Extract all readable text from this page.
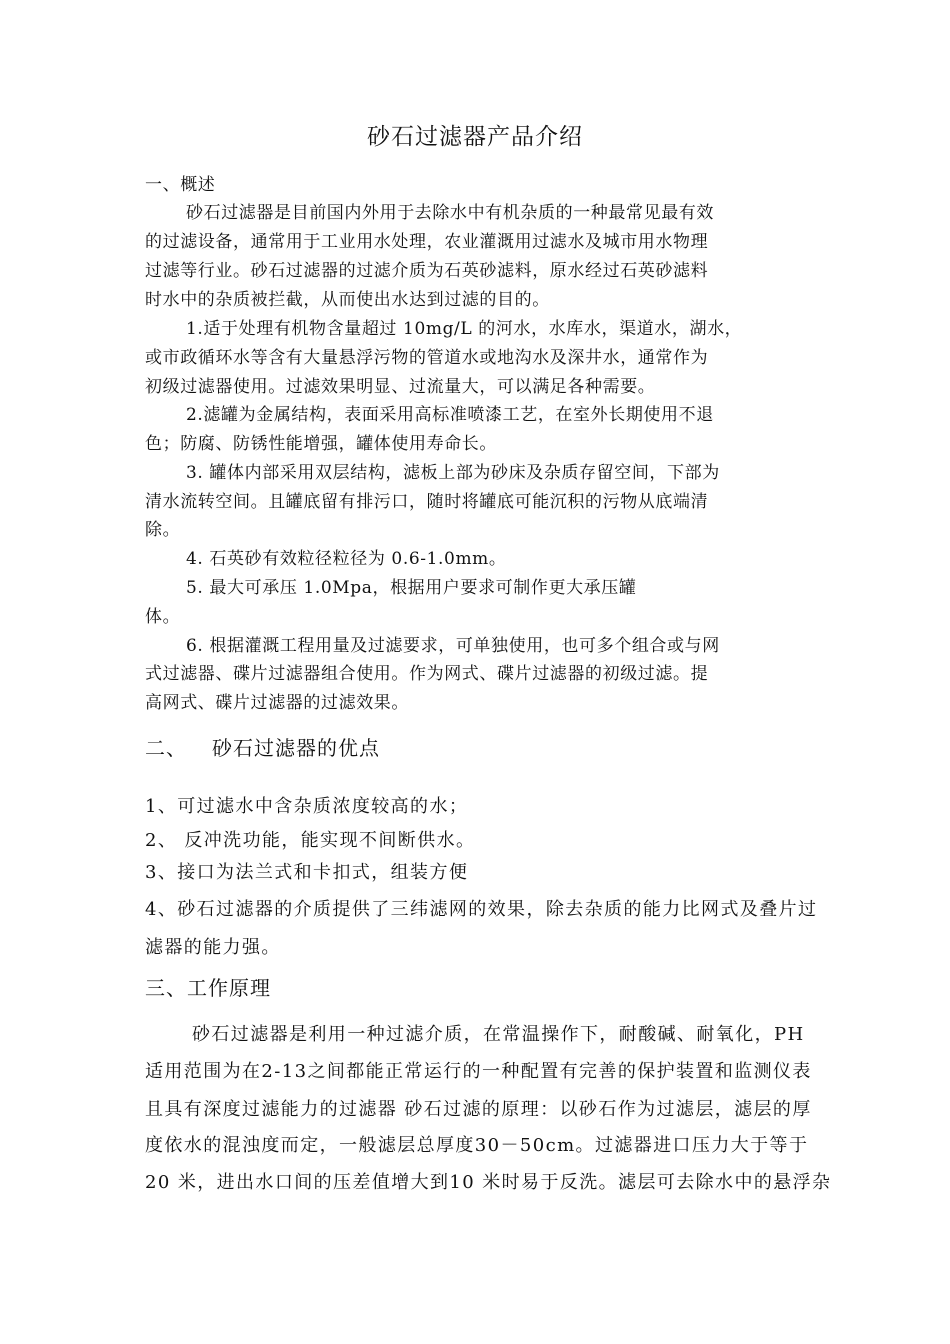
砂石过滤器产品介绍
一、概述
砂石过滤器是目前国内外用于去除水中有机杂质的一种最常见最有效
的过滤设备，通常用于工业用水处理，农业灌溉用过滤水及城市用水物理
过滤等行业。砂石过滤器的过滤介质为石英砂滤料，原水经过石英砂滤料
时水中的杂质被拦截，从而使出水达到过滤的目的。
1.适于处理有机物含量超过 10mg/L 的河水，水库水，渠道水，湖水，
或市政循环水等含有大量悬浮污物的管道水或地沟水及深井水，通常作为
初级过滤器使用。过滤效果明显、过流量大，可以满足各种需要。
2.滤罐为金属结构，表面采用高标准喷漆工艺，在室外长期使用不退
色；防腐、防锈性能增强，罐体使用寿命长。
3. 罐体内部采用双层结构，滤板上部为砂床及杂质存留空间，下部为
清水流转空间。且罐底留有排污口，随时将罐底可能沉积的污物从底端清
除。
4. 石英砂有效粒径粒径为 0.6-1.0mm。
5. 最大可承压 1.0Mpa，根据用户要求可制作更大承压罐
体。
6. 根据灌溉工程用量及过滤要求，可单独使用，也可多个组合或与网
式过滤器、碟片过滤器组合使用。作为网式、碟片过滤器的初级过滤。提
高网式、碟片过滤器的过滤效果。
二、 砂石过滤器的优点
1、可过滤水中含杂质浓度较高的水；
2、 反冲洗功能，能实现不间断供水。
3、接口为法兰式和卡扣式，组装方便
4、砂石过滤器的介质提供了三纬滤网的效果，除去杂质的能力比网式及叠片过
滤器的能力强。
三、工作原理
砂石过滤器是利用一种过滤介质，在常温操作下，耐酸碱、耐氧化，PH
适用范围为在2-13之间都能正常运行的一种配置有完善的保护装置和监测仪表
且具有深度过滤能力的过滤器 砂石过滤的原理：以砂石作为过滤层，滤层的厚
度依水的混浊度而定，一般滤层总厚度30－50cm。过滤器进口压力大于等于
20 米，进出水口间的压差值增大到10 米时易于反洗。滤层可去除水中的悬浮杂
